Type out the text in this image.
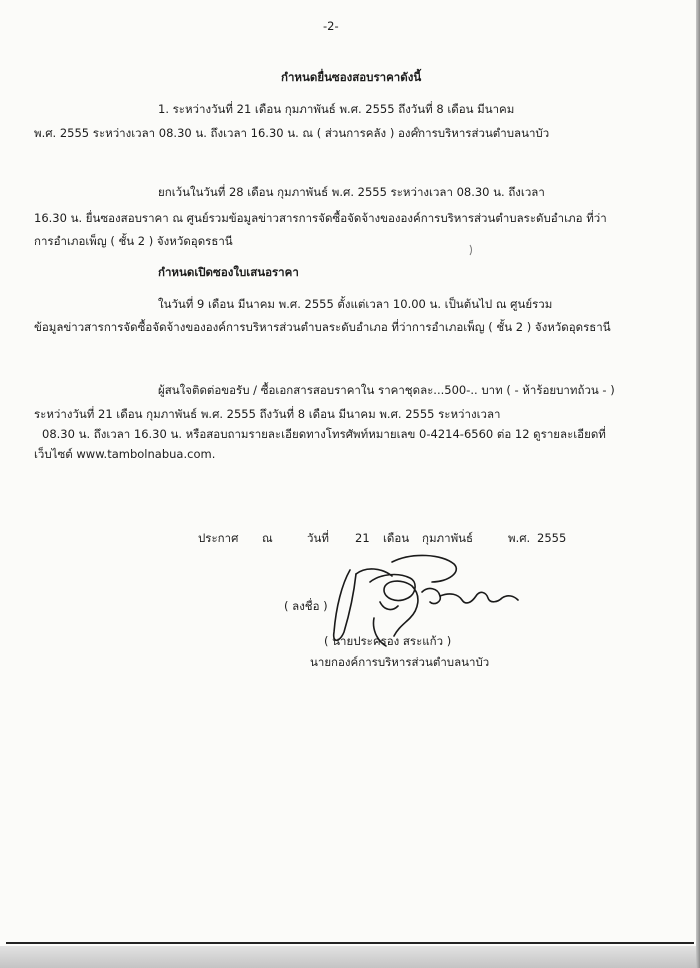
-2-
กำหนดยื่นซองสอบราคาดังนี้
1. ระหว่างวันที่ 21 เดือน กุมภาพันธ์ พ.ศ. 2555 ถึงวันที่ 8 เดือน มีนาคม
พ.ศ. 2555 ระหว่างเวลา 08.30 น. ถึงเวลา 16.30 น. ณ ( ส่วนการคลัง ) องค์การบริหารส่วนตำบลนาบัว
ยกเว้นในวันที่ 28 เดือน กุมภาพันธ์ พ.ศ. 2555 ระหว่างเวลา 08.30 น. ถึงเวลา
16.30 น. ยื่นซองสอบราคา ณ ศูนย์รวมข้อมูลข่าวสารการจัดซื้อจัดจ้างขององค์การบริหารส่วนตำบลระดับอำเภอ ที่ว่า
การอำเภอเพ็ญ ( ชั้น 2 ) จังหวัดอุดรธานี
กำหนดเปิดซองใบเสนอราคา
ในวันที่ 9 เดือน มีนาคม พ.ศ. 2555 ตั้งแต่เวลา 10.00 น. เป็นต้นไป ณ ศูนย์รวม
ข้อมูลข่าวสารการจัดซื้อจัดจ้างขององค์การบริหารส่วนตำบลระดับอำเภอ ที่ว่าการอำเภอเพ็ญ ( ชั้น 2 ) จังหวัดอุดรธานี
ผู้สนใจติดต่อขอรับ / ซื้อเอกสารสอบราคาใน ราคาชุดละ...500-.. บาท ( - ห้าร้อยบาทถ้วน - )
ระหว่างวันที่ 21 เดือน กุมภาพันธ์ พ.ศ. 2555 ถึงวันที่ 8 เดือน มีนาคม พ.ศ. 2555 ระหว่างเวลา
08.30 น. ถึงเวลา 16.30 น. หรือสอบถามรายละเอียดทางโทรศัพท์หมายเลข 0-4214-6560 ต่อ 12 ดูรายละเอียดที่
เว็บไซต์ www.tambolnabua.com.
ประกาศ ณ	วันที่ 21 เดือน กุมภาพันธ์	พ.ศ. 2555
( ลงชื่อ )
( นายประครอง สระแก้ว )
นายกองค์การบริหารส่วนตำบลนาบัว
